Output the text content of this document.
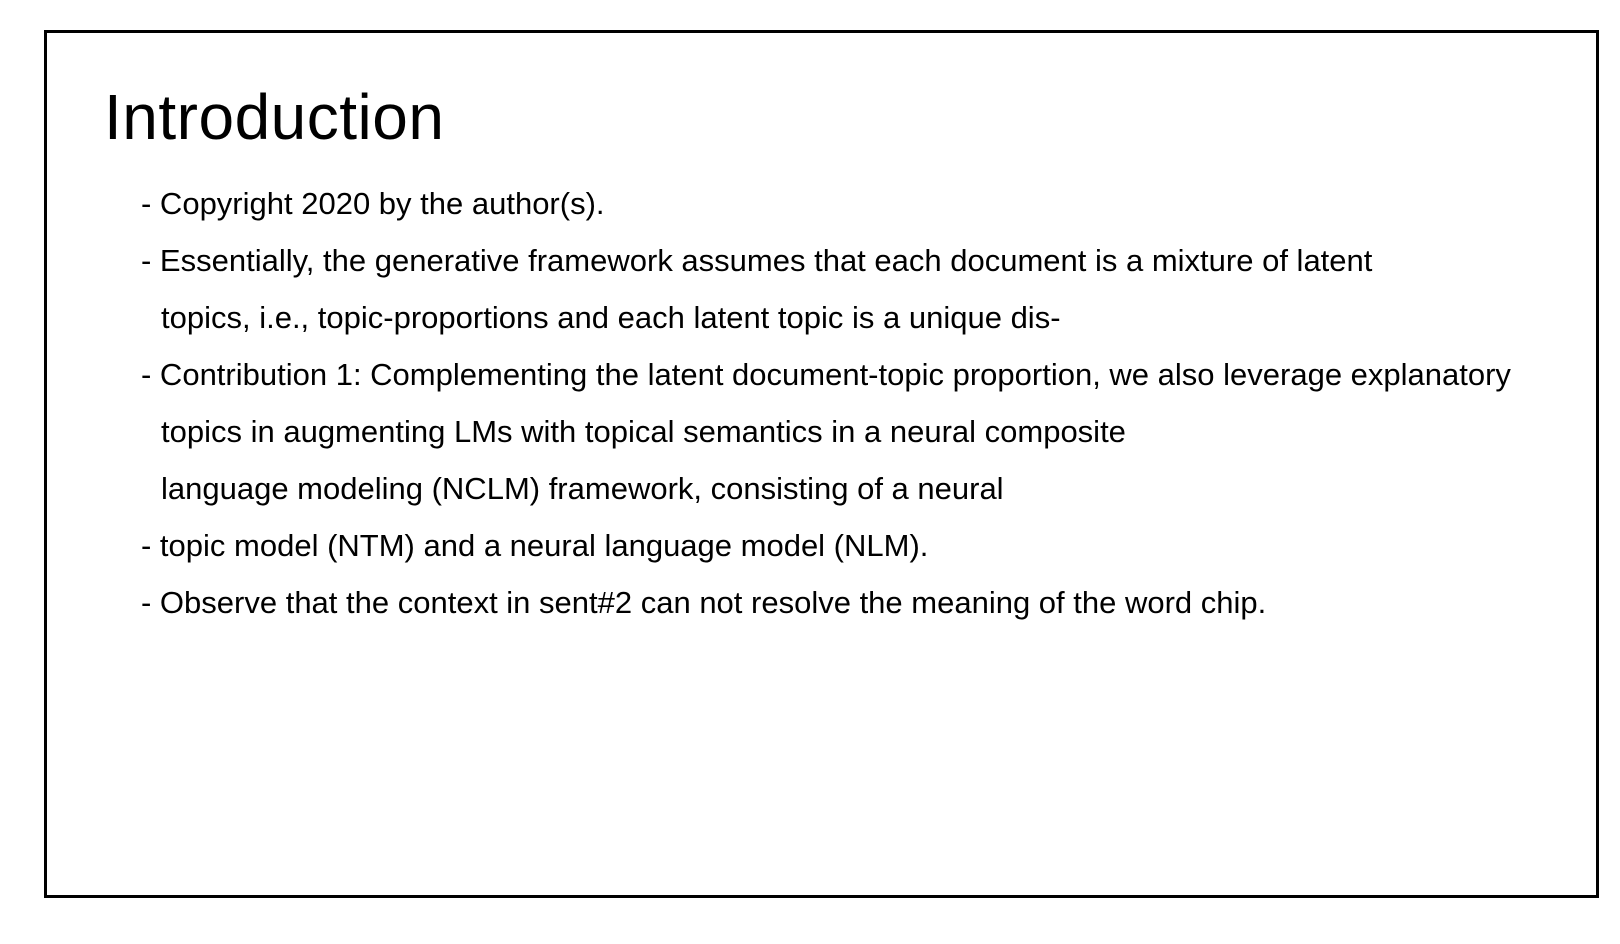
Introduction
- Copyright 2020 by the author(s).
- Essentially, the generative framework assumes that each document is a mixture of latent
topics, i.e., topic-proportions and each latent topic is a unique dis-
- Contribution 1: Complementing the latent document-topic proportion, we also leverage explanatory
topics in augmenting LMs with topical semantics in a neural composite
language modeling (NCLM) framework, consisting of a neural
- topic model (NTM) and a neural language model (NLM).
- Observe that the context in sent#2 can not resolve the meaning of the word chip.
